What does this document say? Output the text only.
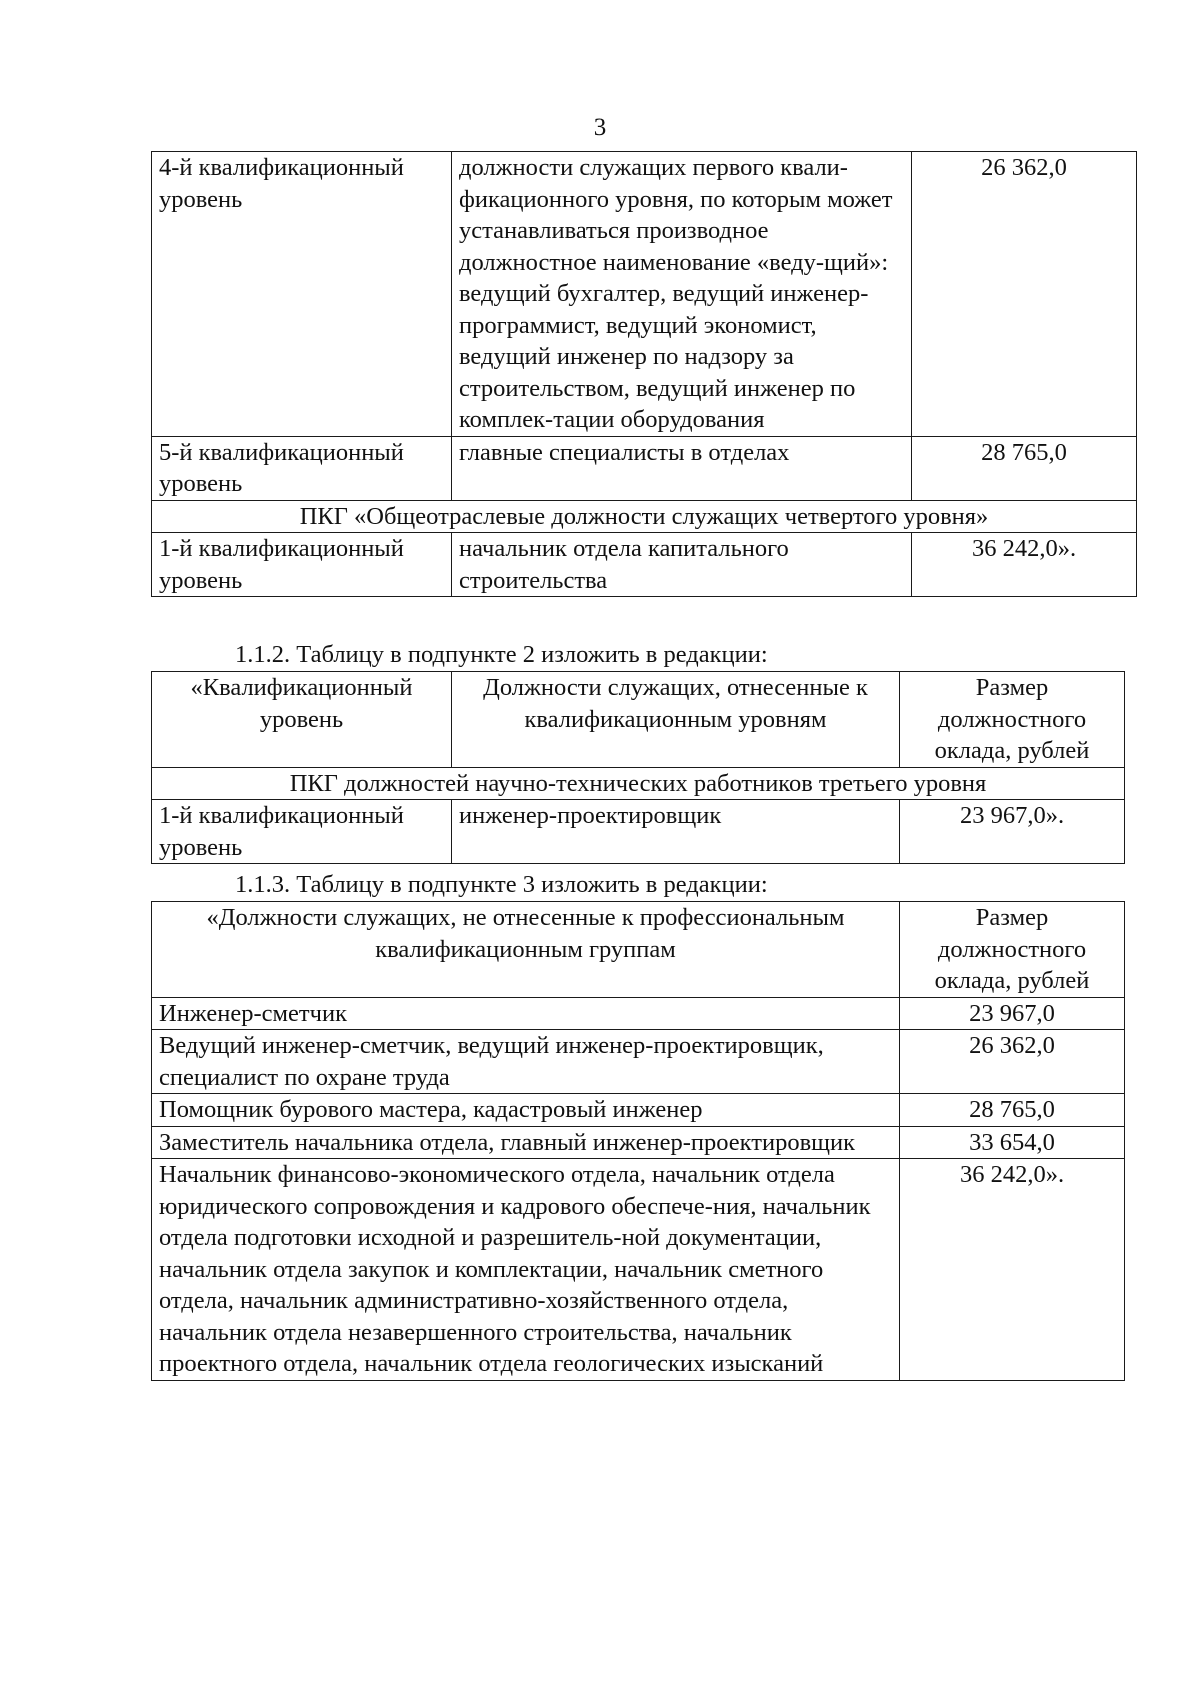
3
4-й квалификационный уровень	должности служащих первого квали-фикационного уровня, по которым может устанавливаться производное должностное наименование «веду-щий»: ведущий бухгалтер, ведущий инженер-программист, ведущий экономист, ведущий инженер по надзору за строительством, ведущий инженер по комплек-тации оборудования	26 362,0
5-й квалификационный уровень	главные специалисты в отделах	28 765,0
ПКГ «Общеотраслевые должности служащих четвертого уровня»		
1-й квалификационный уровень	начальник отдела капитального строительства	36 242,0».
1.1.2. Таблицу в подпункте 2 изложить в редакции:
«Квалификационный уровень	Должности служащих, отнесенные к квалификационным уровням	Размер должностного оклада, рублей
ПКГ должностей научно-технических работников третьего уровня		
1-й квалификационный уровень	инженер-проектировщик	23 967,0».
1.1.3. Таблицу в подпункте 3 изложить в редакции:
«Должности служащих, не отнесенные к профессиональным квалификационным группам	Размер должностного оклада, рублей
Инженер-сметчик	23 967,0
Ведущий инженер-сметчик, ведущий инженер-проектировщик, специалист по охране труда	26 362,0
Помощник бурового мастера, кадастровый инженер	28 765,0
Заместитель начальника отдела, главный инженер-проектировщик	33 654,0
Начальник финансово-экономического отдела, начальник отдела юридического сопровождения и кадрового обеспече-ния, начальник отдела подготовки исходной и разрешитель-ной документации, начальник отдела закупок и комплектации, начальник сметного отдела, начальник административно-хозяйственного отдела, начальник отдела незавершенного строительства, начальник проектного отдела, начальник отдела геологических изысканий	36 242,0».
